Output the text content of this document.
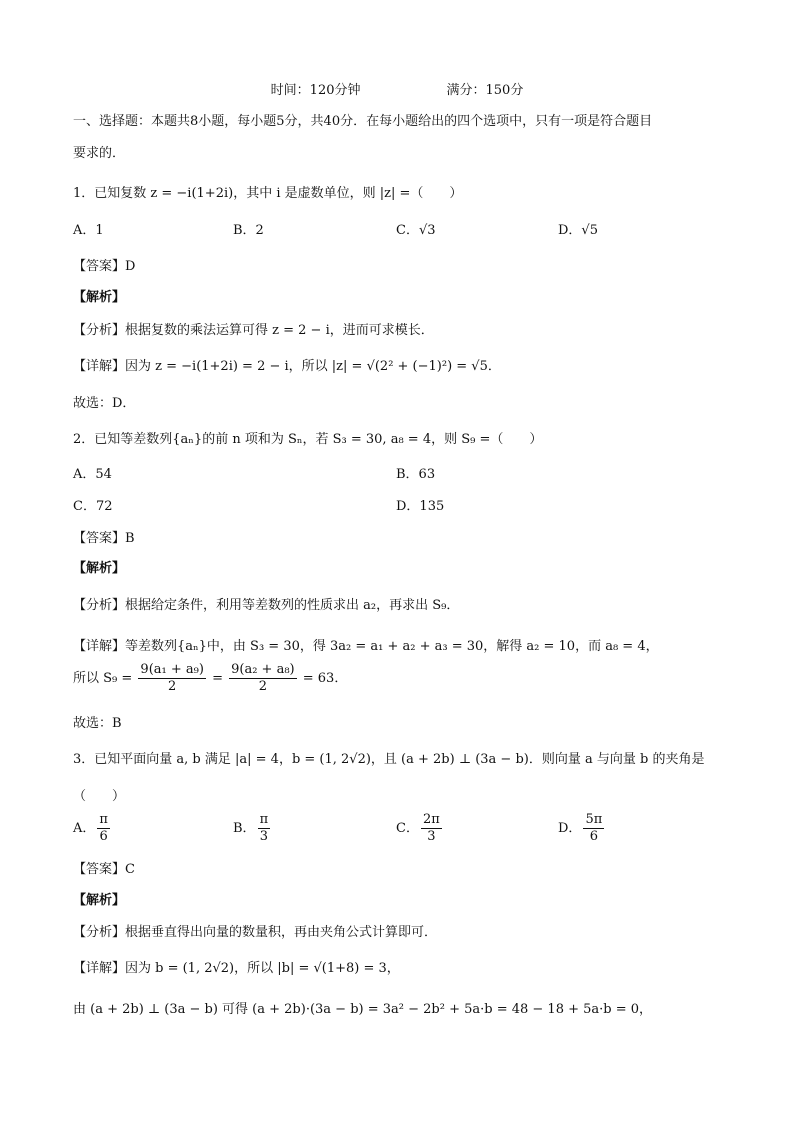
时间：120分钟	满分：150分
一、选择题：本题共8小题，每小题5分，共40分．在每小题给出的四个选项中，只有一项是符合题目
要求的．
1．已知复数 z = −i(1+2i)，其中 i 是虚数单位，则 |z| =（　　）
A．1	B．2	C．√3	D．√5
【答案】D
【解析】
【分析】根据复数的乘法运算可得 z = 2 − i，进而可求模长．
【详解】因为 z = −i(1+2i) = 2 − i，所以 |z| = √(2² + (−1)²) = √5．
故选：D．
2．已知等差数列{aₙ}的前 n 项和为 Sₙ，若 S₃ = 30, a₈ = 4，则 S₉ =（　　）
A．54	B．63
C．72	D．135
【答案】B
【解析】
【分析】根据给定条件，利用等差数列的性质求出 a₂，再求出 S₉．
【详解】等差数列{aₙ}中，由 S₃ = 30，得 3a₂ = a₁ + a₂ + a₃ = 30，解得 a₂ = 10，而 a₈ = 4，
所以 $S_9 = \frac{\text{9(a₁ + a₉)}}{2} = \frac{\text{9(a₂ + a₈)}}{2} = 63$．
故选：B
3．已知平面向量 a, b 满足 |a| = 4，b = (1, 2√2)，且 (a + 2b) ⊥ (3a − b)．则向量 a 与向量 b 的夹角是
（　　）
A． $\frac{\pi}{6}$	B． $\frac{\pi}{3}$	C． $\frac{2\pi}{3}$	D． $\frac{5\pi}{6}$
【答案】C
【解析】
【分析】根据垂直得出向量的数量积，再由夹角公式计算即可．
【详解】因为 b = (1, 2√2)，所以 |b| = √(1+8) = 3，
由 (a + 2b) ⊥ (3a − b) 可得 (a + 2b)·(3a − b) = 3a² − 2b² + 5a·b = 48 − 18 + 5a·b = 0，
